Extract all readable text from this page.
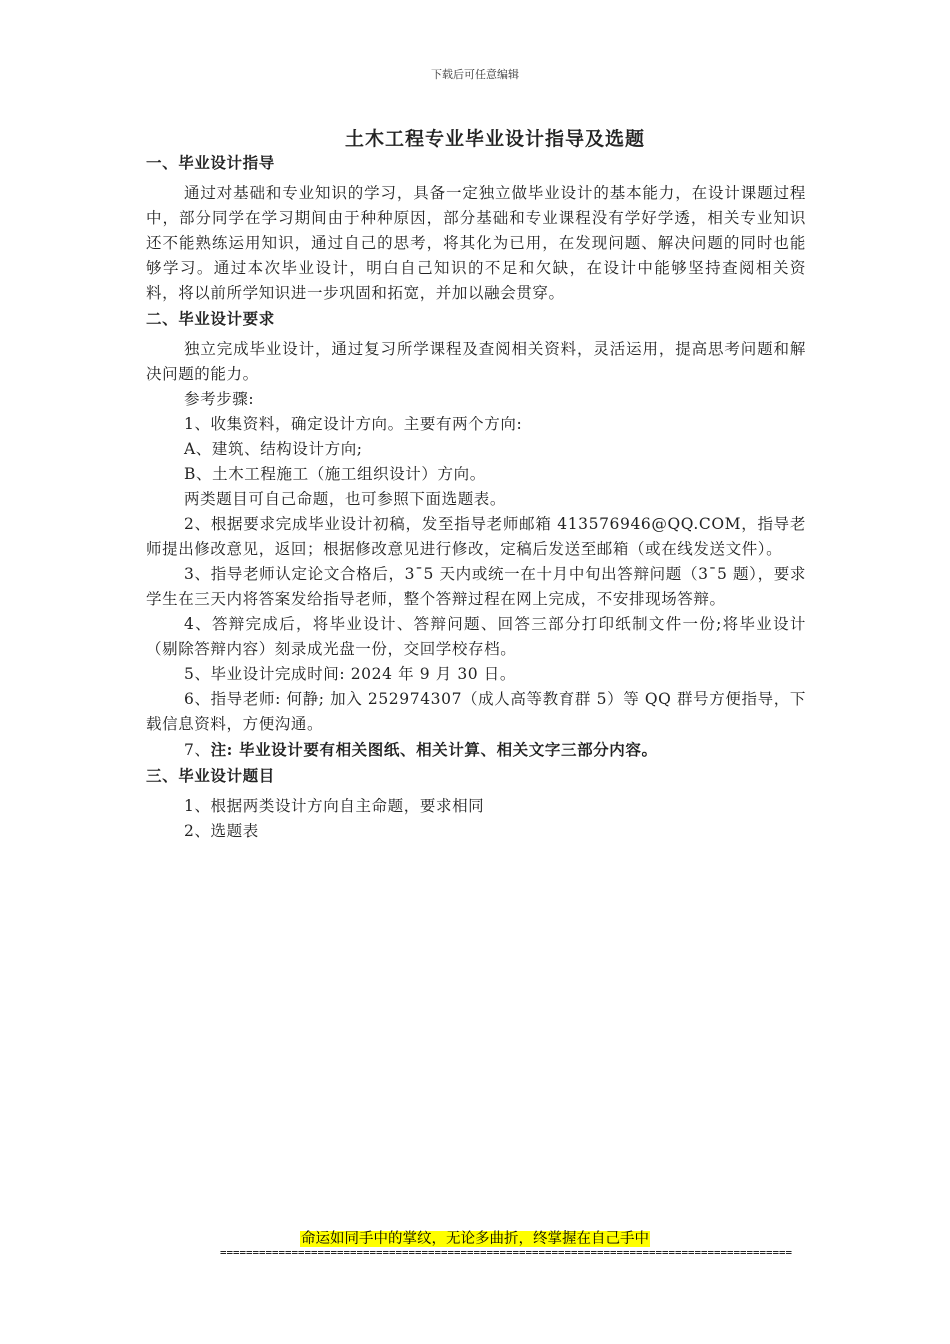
下载后可任意编辑
土木工程专业毕业设计指导及选题
一、毕业设计指导
通过对基础和专业知识的学习，具备一定独立做毕业设计的基本能力，在设计课题过程中，部分同学在学习期间由于种种原因，部分基础和专业课程没有学好学透，相关专业知识还不能熟练运用知识，通过自己的思考，将其化为已用，在发现问题、解决问题的同时也能够学习。通过本次毕业设计，明白自己知识的不足和欠缺，在设计中能够坚持查阅相关资料，将以前所学知识进一步巩固和拓宽，并加以融会贯穿。
二、毕业设计要求
独立完成毕业设计，通过复习所学课程及查阅相关资料，灵活运用，提高思考问题和解决问题的能力。
参考步骤:
1、收集资料，确定设计方向。主要有两个方向:
A、建筑、结构设计方向;
B、土木工程施工（施工组织设计）方向。
两类题目可自己命题，也可参照下面选题表。
2、根据要求完成毕业设计初稿，发至指导老师邮箱 413576946@QQ.COM，指导老师提出修改意见，返回；根据修改意见进行修改，定稿后发送至邮箱（或在线发送文件）。
3、指导老师认定论文合格后，3¯5 天内或统一在十月中旬出答辩问题（3¯5 题），要求学生在三天内将答案发给指导老师，整个答辩过程在网上完成，不安排现场答辩。
4、答辩完成后，将毕业设计、答辩问题、回答三部分打印纸制文件一份;将毕业设计（剔除答辩内容）刻录成光盘一份，交回学校存档。
5、毕业设计完成时间: 2024 年 9 月 30 日。
6、指导老师: 何静; 加入 252974307（成人高等教育群 5）等 QQ 群号方便指导，下载信息资料，方便沟通。
7、注: 毕业设计要有相关图纸、相关计算、相关文字三部分内容。
三、毕业设计题目
1、根据两类设计方向自主命题，要求相同
2、选题表
命运如同手中的掌纹，无论多曲折，终掌握在自己手中
========================================================================================
